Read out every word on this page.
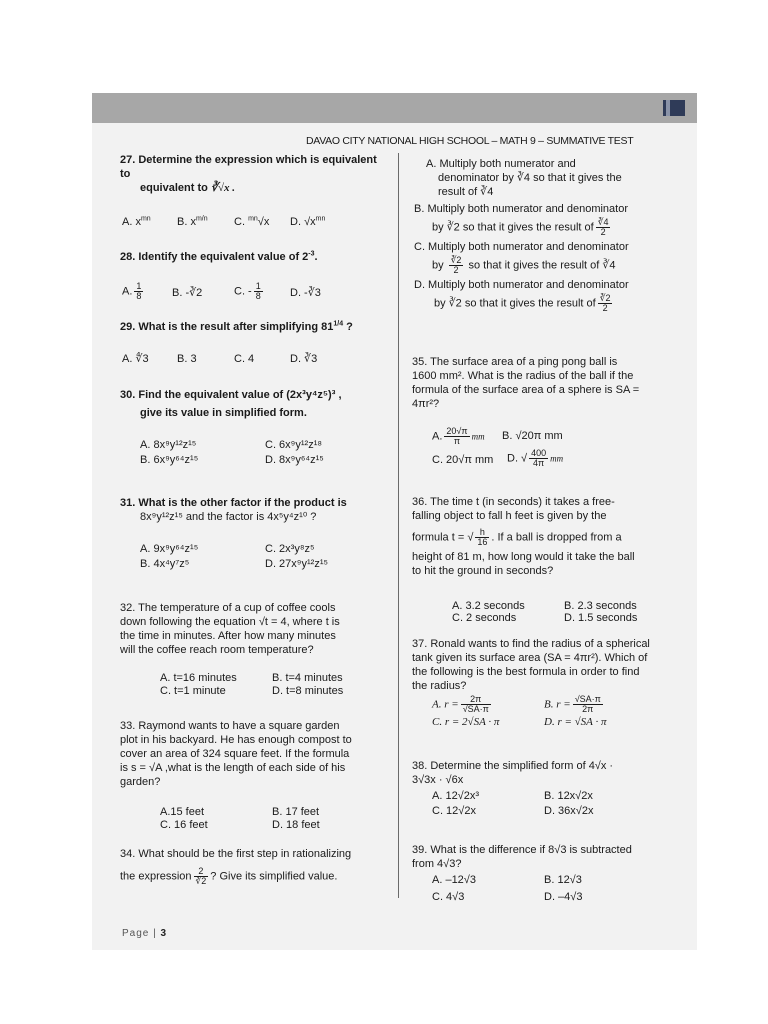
DAVAO CITY NATIONAL HIGH SCHOOL – MATH 9 – SUMMATIVE TEST
27. Determine the expression which is equivalent to
equivalent to ∛√x .
A. $x^{mn}$ B. $x^{m/n}$ C. $^{mn}$√x D. $√x^{mn}$
28. Identify the equivalent value of $2^{-3}$.
A. $\frac{1}{8}$	B. -∛2	C. - $\frac{1}{8} D$. -∛3
29. What is the result after simplifying $81^{1/4}$ ?
A. ∜3	B. 3	C. 4	D. ∛3
30. Find the equivalent value of (2x³y⁴z⁵)³ ,
give its value in simplified form.
A. 8x⁹y¹²z¹⁵	C. 6x⁹y¹²z¹⁸
B. 6x⁹y⁶⁴z¹⁵	D. 8x⁹y⁶⁴z¹⁵
31. What is the other factor if the product is
8x⁹y¹²z¹⁵ and the factor is 4x⁵y⁴z¹⁰ ?
A. 9x⁹y⁶⁴z¹⁵	C. 2x³y⁸z⁵
B. 4x⁴y⁷z⁵	D. 27x⁹y¹²z¹⁵
32. The temperature of a cup of coffee cools
down following the equation √t = 4, where t is
the time in minutes. After how many minutes
will the coffee reach room temperature?
A. t=16 minutes	B. t=4 minutes
C. t=1 minute	D. t=8 minutes
33. Raymond wants to have a square garden
plot in his backyard. He has enough compost to
cover an area of 324 square feet. If the formula
is s = √A ,what is the length of each side of his
garden?
A.15 feet	B. 17 feet
C. 16 feet	D. 18 feet
34. What should be the first step in rationalizing
the expression $\frac{2}{∛2}$ ? Give its simplified value.
A. Multiply both numerator and
denominator by ∛4 so that it gives the
result of ∛4
B. Multiply both numerator and denominator
by ∛2 so that it gives the result of $\frac{∛4}{2}$
C. Multiply both numerator and denominator
by $\frac{∛2}{2}$ so that it gives the result of ∛4
D. Multiply both numerator and denominator
by ∛2 so that it gives the result of $\frac{∛2}{2}$
35. The surface area of a ping pong ball is
1600 mm². What is the radius of the ball if the
formula of the surface area of a sphere is SA =
4πr²?
A. $\frac{20√\pi}{\pi}$ mm B. √20π mm
C. 20√π mm D. √ $\frac{400}{4\pi}$ mm
36. The time t (in seconds) it takes a free-
falling object to fall h feet is given by the
formula t = √ $\frac{h}{16}$ . If a ball is dropped from a
height of 81 m, how long would it take the ball
to hit the ground in seconds?
A. 3.2 seconds	B. 2.3 seconds
C. 2 seconds	D. 1.5 seconds
37. Ronald wants to find the radius of a spherical
tank given its surface area (SA = 4πr²). Which of
the following is the best formula in order to find
the radius?
A. $r = \frac{2\pi}{√SA\cdot\pi}$	B. $r = \frac{√SA\cdot\pi}{2\pi}$
C. r = 2√SA · π	D. r = √SA · π
38. Determine the simplified form of 4√x ·
3√3x · √6x
A. 12√2x³	B. 12x√2x
C. 12√2x	D. 36x√2x
39. What is the difference if 8√3 is subtracted
from 4√3?
A. –12√3	B. 12√3
C. 4√3	D. –4√3
Page | 3
